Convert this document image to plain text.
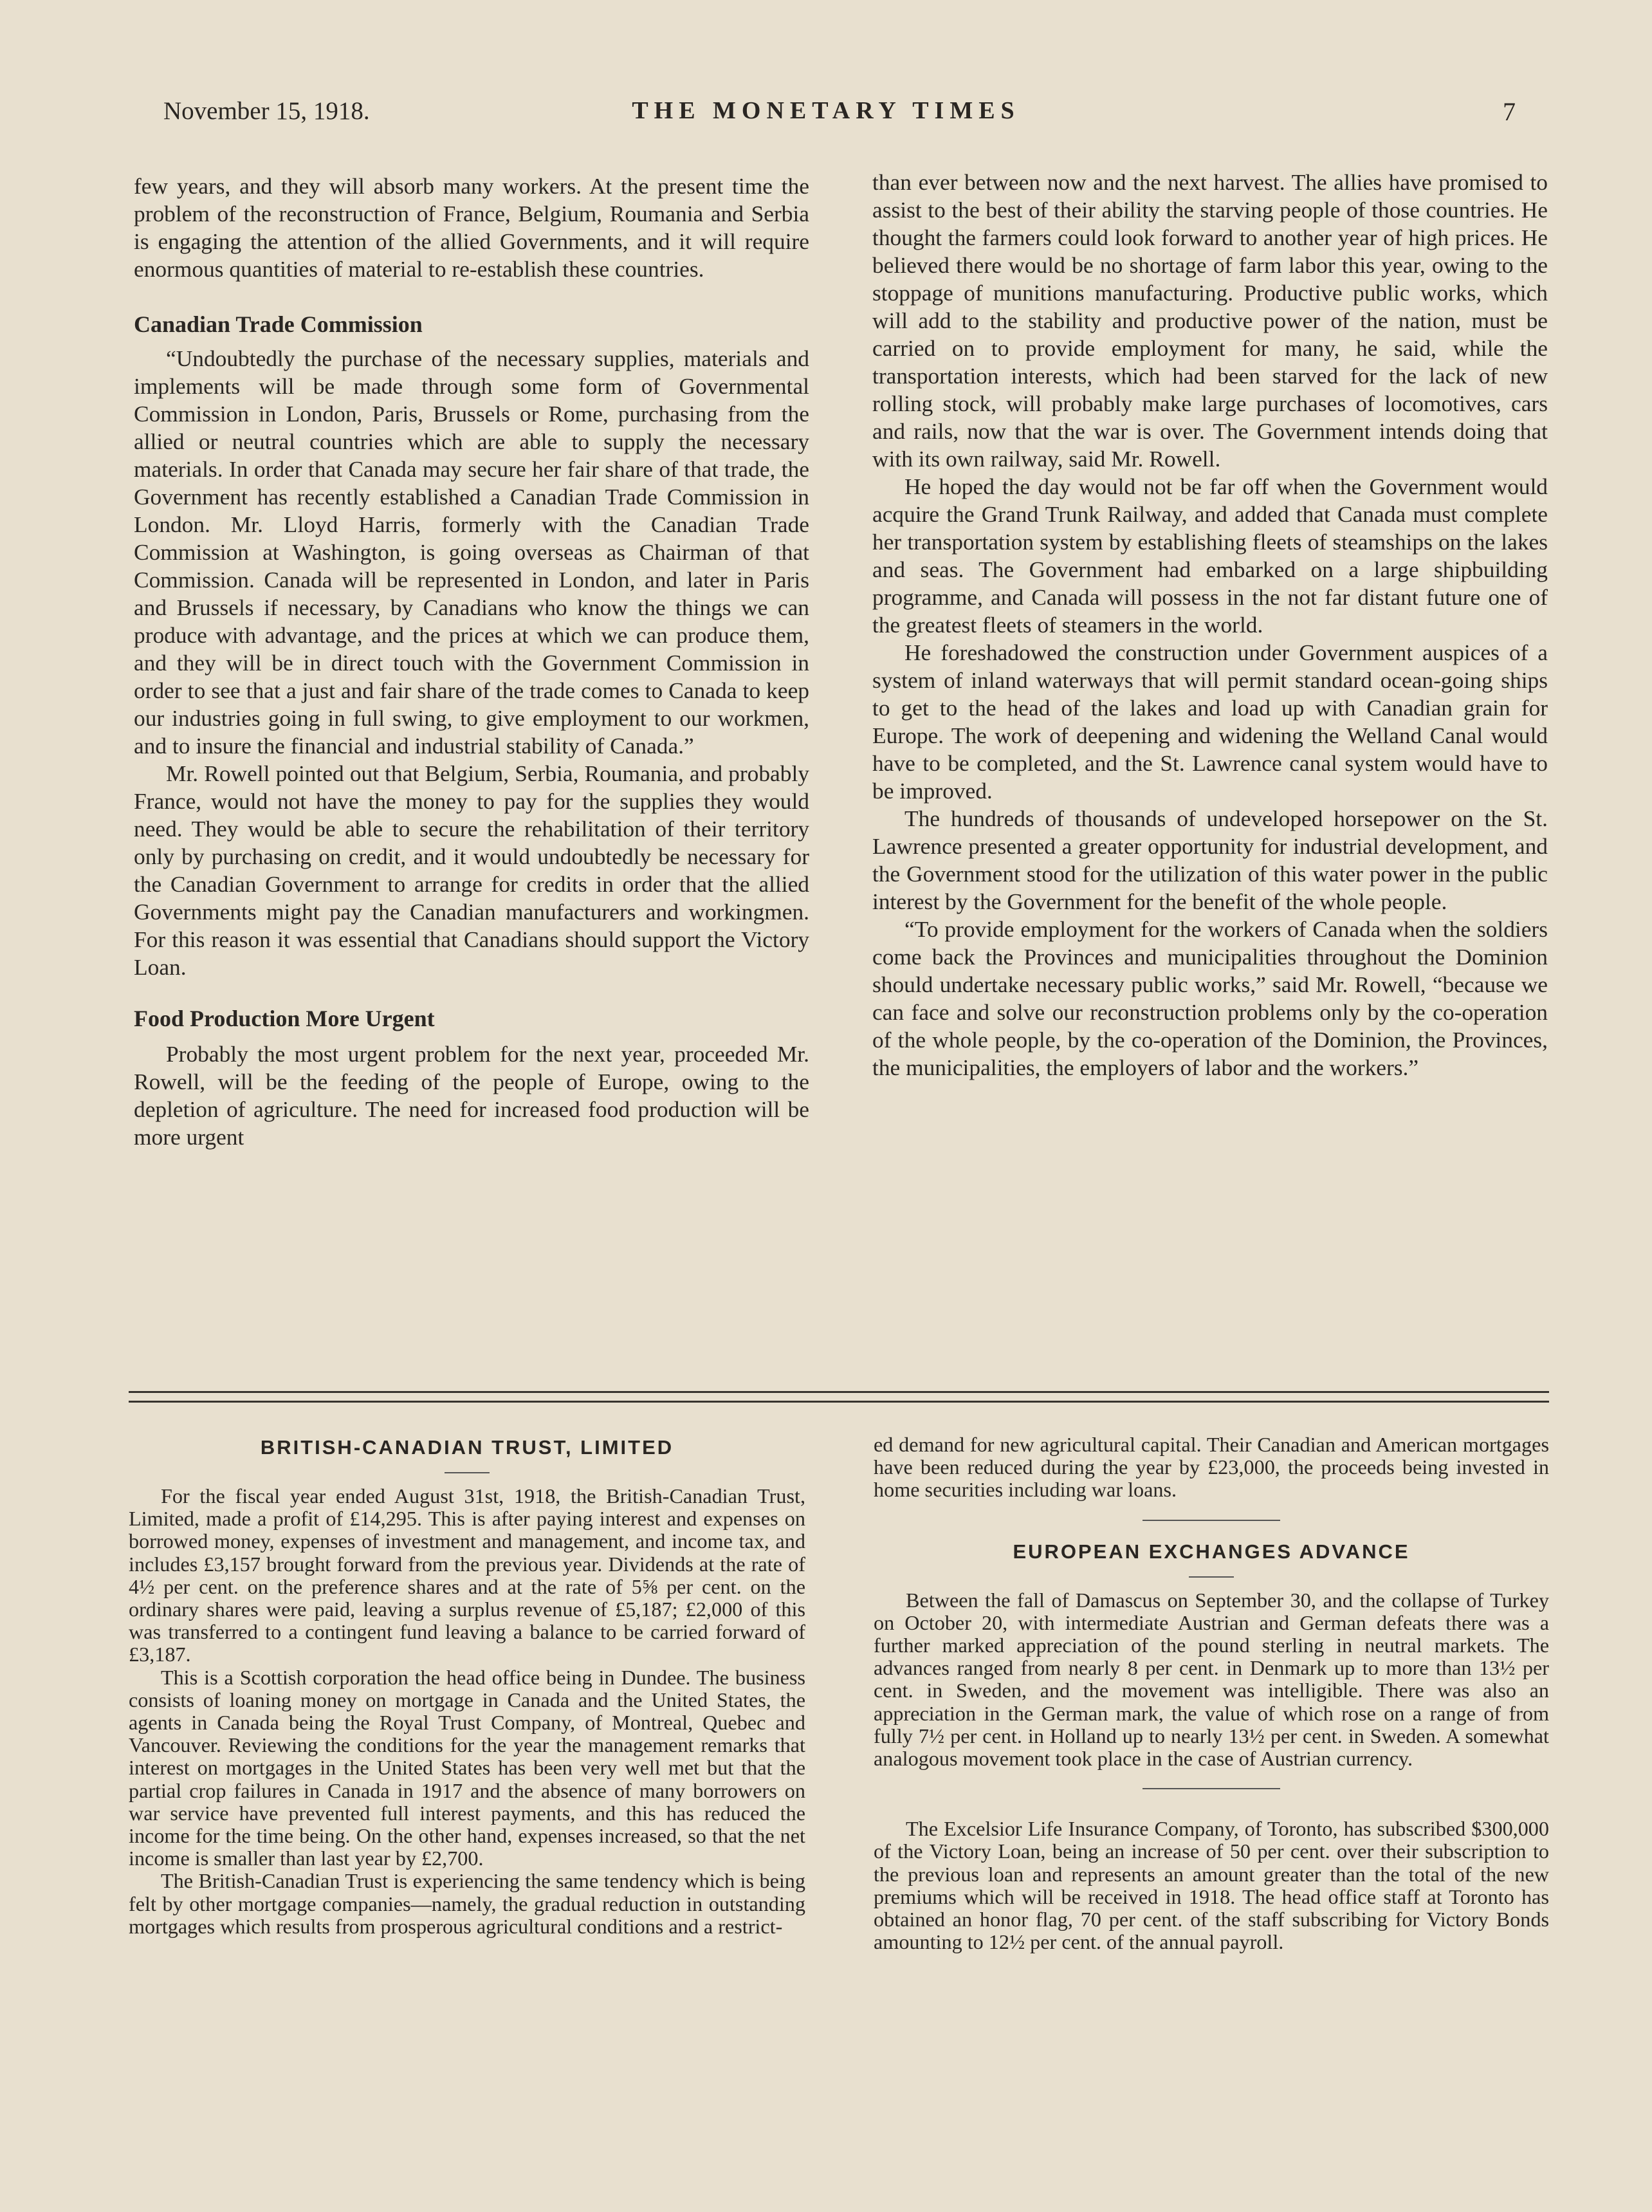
November 15, 1918.	THE MONETARY TIMES	7

few years, and they will absorb many workers. At the present time the problem of the reconstruction of France, Belgium, Roumania and Serbia is engaging the attention of the allied Governments, and it will require enormous quantities of material to re-establish these countries.

Canadian Trade Commission

“Undoubtedly the purchase of the necessary supplies, materials and implements will be made through some form of Governmental Commission in London, Paris, Brussels or Rome, purchasing from the allied or neutral countries which are able to supply the necessary materials. In order that Canada may secure her fair share of that trade, the Government has recently established a Canadian Trade Commission in London. Mr. Lloyd Harris, formerly with the Canadian Trade Commission at Washington, is going overseas as Chairman of that Commission. Canada will be represented in London, and later in Paris and Brussels if necessary, by Canadians who know the things we can produce with advantage, and the prices at which we can produce them, and they will be in direct touch with the Government Commission in order to see that a just and fair share of the trade comes to Canada to keep our industries going in full swing, to give employment to our workmen, and to insure the financial and industrial stability of Canada.”

Mr. Rowell pointed out that Belgium, Serbia, Roumania, and probably France, would not have the money to pay for the supplies they would need. They would be able to secure the rehabilitation of their territory only by purchasing on credit, and it would undoubtedly be necessary for the Canadian Government to arrange for credits in order that the allied Governments might pay the Canadian manufacturers and workingmen. For this reason it was essential that Canadians should support the Victory Loan.

Food Production More Urgent

Probably the most urgent problem for the next year, proceeded Mr. Rowell, will be the feeding of the people of Europe, owing to the depletion of agriculture. The need for increased food production will be more urgent

than ever between now and the next harvest. The allies have promised to assist to the best of their ability the starving people of those countries. He thought the farmers could look forward to another year of high prices. He believed there would be no shortage of farm labor this year, owing to the stoppage of munitions manufacturing. Productive public works, which will add to the stability and productive power of the nation, must be carried on to provide employment for many, he said, while the transportation interests, which had been starved for the lack of new rolling stock, will probably make large purchases of locomotives, cars and rails, now that the war is over. The Government intends doing that with its own railway, said Mr. Rowell.

He hoped the day would not be far off when the Government would acquire the Grand Trunk Railway, and added that Canada must complete her transportation system by establishing fleets of steamships on the lakes and seas. The Government had embarked on a large shipbuilding programme, and Canada will possess in the not far distant future one of the greatest fleets of steamers in the world.

He foreshadowed the construction under Government auspices of a system of inland waterways that will permit standard ocean-going ships to get to the head of the lakes and load up with Canadian grain for Europe. The work of deepening and widening the Welland Canal would have to be completed, and the St. Lawrence canal system would have to be improved.

The hundreds of thousands of undeveloped horsepower on the St. Lawrence presented a greater opportunity for industrial development, and the Government stood for the utilization of this water power in the public interest by the Government for the benefit of the whole people.

“To provide employment for the workers of Canada when the soldiers come back the Provinces and municipalities throughout the Dominion should undertake necessary public works,” said Mr. Rowell, “because we can face and solve our reconstruction problems only by the co-operation of the whole people, by the co-operation of the Dominion, the Provinces, the municipalities, the employers of labor and the workers.”

BRITISH-CANADIAN TRUST, LIMITED

For the fiscal year ended August 31st, 1918, the British-Canadian Trust, Limited, made a profit of £14,295. This is after paying interest and expenses on borrowed money, expenses of investment and management, and income tax, and includes £3,157 brought forward from the previous year. Dividends at the rate of 4½ per cent. on the preference shares and at the rate of 5⅝ per cent. on the ordinary shares were paid, leaving a surplus revenue of £5,187; £2,000 of this was transferred to a contingent fund leaving a balance to be carried forward of £3,187.

This is a Scottish corporation the head office being in Dundee. The business consists of loaning money on mortgage in Canada and the United States, the agents in Canada being the Royal Trust Company, of Montreal, Quebec and Vancouver. Reviewing the conditions for the year the management remarks that interest on mortgages in the United States has been very well met but that the partial crop failures in Canada in 1917 and the absence of many borrowers on war service have prevented full interest payments, and this has reduced the income for the time being. On the other hand, expenses increased, so that the net income is smaller than last year by £2,700.

The British-Canadian Trust is experiencing the same tendency which is being felt by other mortgage companies—namely, the gradual reduction in outstanding mortgages which results from prosperous agricultural conditions and a restrict-

ed demand for new agricultural capital. Their Canadian and American mortgages have been reduced during the year by £23,000, the proceeds being invested in home securities including war loans.

EUROPEAN EXCHANGES ADVANCE

Between the fall of Damascus on September 30, and the collapse of Turkey on October 20, with intermediate Austrian and German defeats there was a further marked appreciation of the pound sterling in neutral markets. The advances ranged from nearly 8 per cent. in Denmark up to more than 13½ per cent. in Sweden, and the movement was intelligible. There was also an appreciation in the German mark, the value of which rose on a range of from fully 7½ per cent. in Holland up to nearly 13½ per cent. in Sweden. A somewhat analogous movement took place in the case of Austrian currency.

The Excelsior Life Insurance Company, of Toronto, has subscribed $300,000 of the Victory Loan, being an increase of 50 per cent. over their subscription to the previous loan and represents an amount greater than the total of the new premiums which will be received in 1918. The head office staff at Toronto has obtained an honor flag, 70 per cent. of the staff subscribing for Victory Bonds amounting to 12½ per cent. of the annual payroll.
